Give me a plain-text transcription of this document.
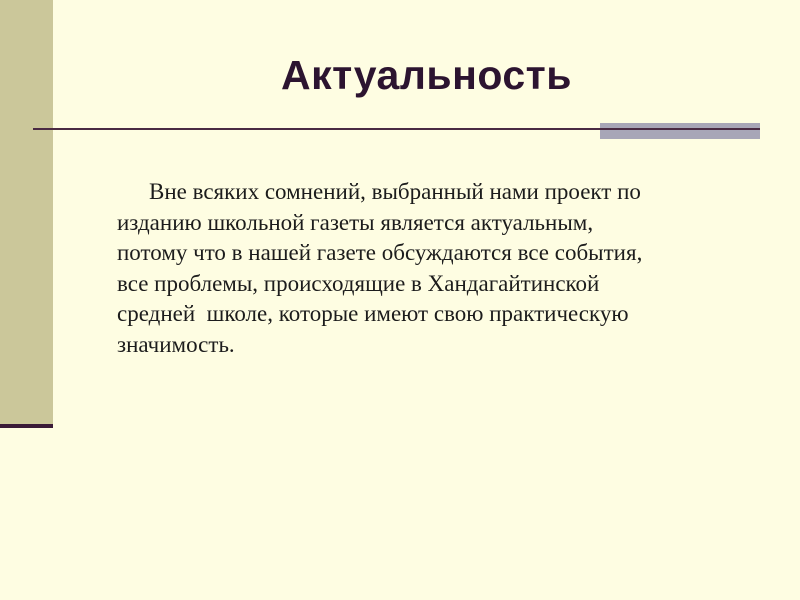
Актуальность

Вне всяких сомнений, выбранный нами проект по
изданию школьной газеты является актуальным,
потому что в нашей газете обсуждаются все события,
все проблемы, происходящие в Хандагайтинской
средней  школе, которые имеют свою практическую
значимость.
